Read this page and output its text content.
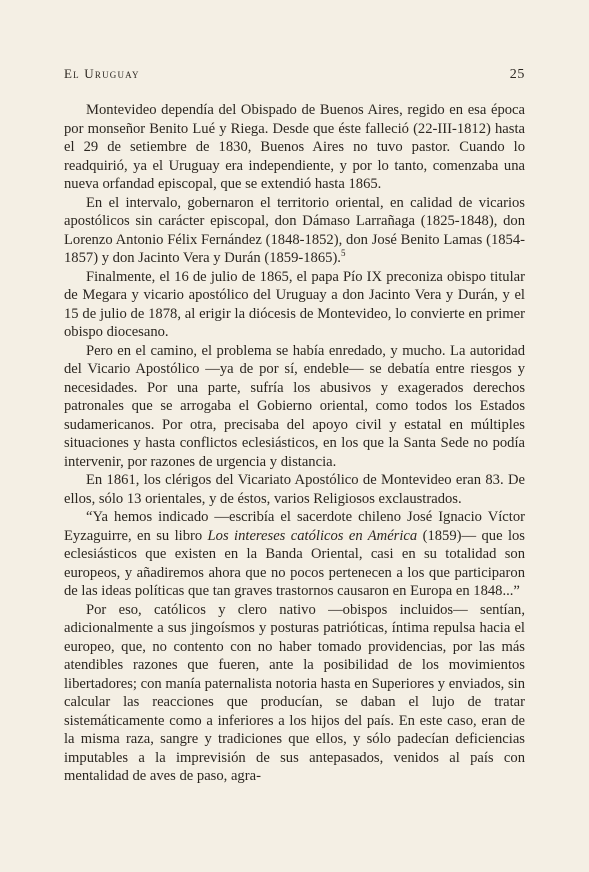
El Uruguay	25

Montevideo dependía del Obispado de Buenos Aires, regido en esa época por monseñor Benito Lué y Riega. Desde que éste falleció (22-III-1812) hasta el 29 de setiembre de 1830, Buenos Aires no tuvo pastor. Cuando lo readquirió, ya el Uruguay era independiente, y por lo tanto, comenzaba una nueva orfandad episcopal, que se extendió hasta 1865.

En el intervalo, gobernaron el territorio oriental, en calidad de vicarios apostólicos sin carácter episcopal, don Dámaso Larrañaga (1825-1848), don Lorenzo Antonio Félix Fernández (1848-1852), don José Benito Lamas (1854-1857) y don Jacinto Vera y Durán (1859-1865).$^5$

Finalmente, el 16 de julio de 1865, el papa Pío IX preconiza obispo titular de Megara y vicario apostólico del Uruguay a don Jacinto Vera y Durán, y el 15 de julio de 1878, al erigir la diócesis de Montevideo, lo convierte en primer obispo diocesano.

Pero en el camino, el problema se había enredado, y mucho. La autoridad del Vicario Apostólico —ya de por sí, endeble— se debatía entre riesgos y necesidades. Por una parte, sufría los abusivos y exagerados derechos patronales que se arrogaba el Gobierno oriental, como todos los Estados sudamericanos. Por otra, precisaba del apoyo civil y estatal en múltiples situaciones y hasta conflictos eclesiásticos, en los que la Santa Sede no podía intervenir, por razones de urgencia y distancia.

En 1861, los clérigos del Vicariato Apostólico de Montevideo eran 83. De ellos, sólo 13 orientales, y de éstos, varios Religiosos exclaustrados.

“Ya hemos indicado —escribía el sacerdote chileno José Ignacio Víctor Eyzaguirre, en su libro Los intereses católicos en América (1859)— que los eclesiásticos que existen en la Banda Oriental, casi en su totalidad son europeos, y añadiremos ahora que no pocos pertenecen a los que participaron de las ideas políticas que tan graves trastornos causaron en Europa en 1848...”

Por eso, católicos y clero nativo —obispos incluidos— sentían, adicionalmente a sus jingoísmos y posturas patrióticas, íntima repulsa hacia el europeo, que, no contento con no haber tomado providencias, por las más atendibles razones que fueren, ante la posibilidad de los movimientos libertadores; con manía paternalista notoria hasta en Superiores y enviados, sin calcular las reacciones que producían, se daban el lujo de tratar sistemáticamente como a inferiores a los hijos del país. En este caso, eran de la misma raza, sangre y tradiciones que ellos, y sólo padecían deficiencias imputables a la imprevisión de sus antepasados, venidos al país con mentalidad de aves de paso, agra-
